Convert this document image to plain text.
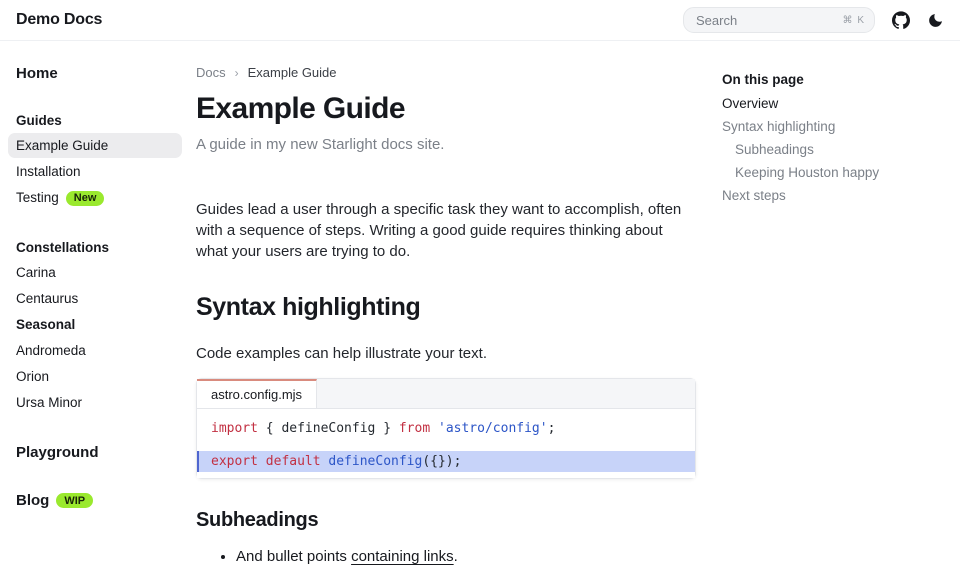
Demo Docs	Search	⌘ K
Home
Guides
Example Guide
Installation
Testing New
Constellations
Carina
Centaurus
Seasonal
Andromeda
Orion
Ursa Minor
Playground
Blog WIP
Docs › Example Guide
Example Guide

A guide in my new Starlight docs site.

Guides lead a user through a specific task they want to accomplish, often with a sequence of steps. Writing a good guide requires thinking about what your users are trying to do.

Syntax highlighting

Code examples can help illustrate your text.

astro.config.mjs
import { defineConfig } from 'astro/config';
export default defineConfig({});
Subheadings
• And bullet points containing links.
On this page
Overview
Syntax highlighting
Subheadings
Keeping Houston happy
Next steps
